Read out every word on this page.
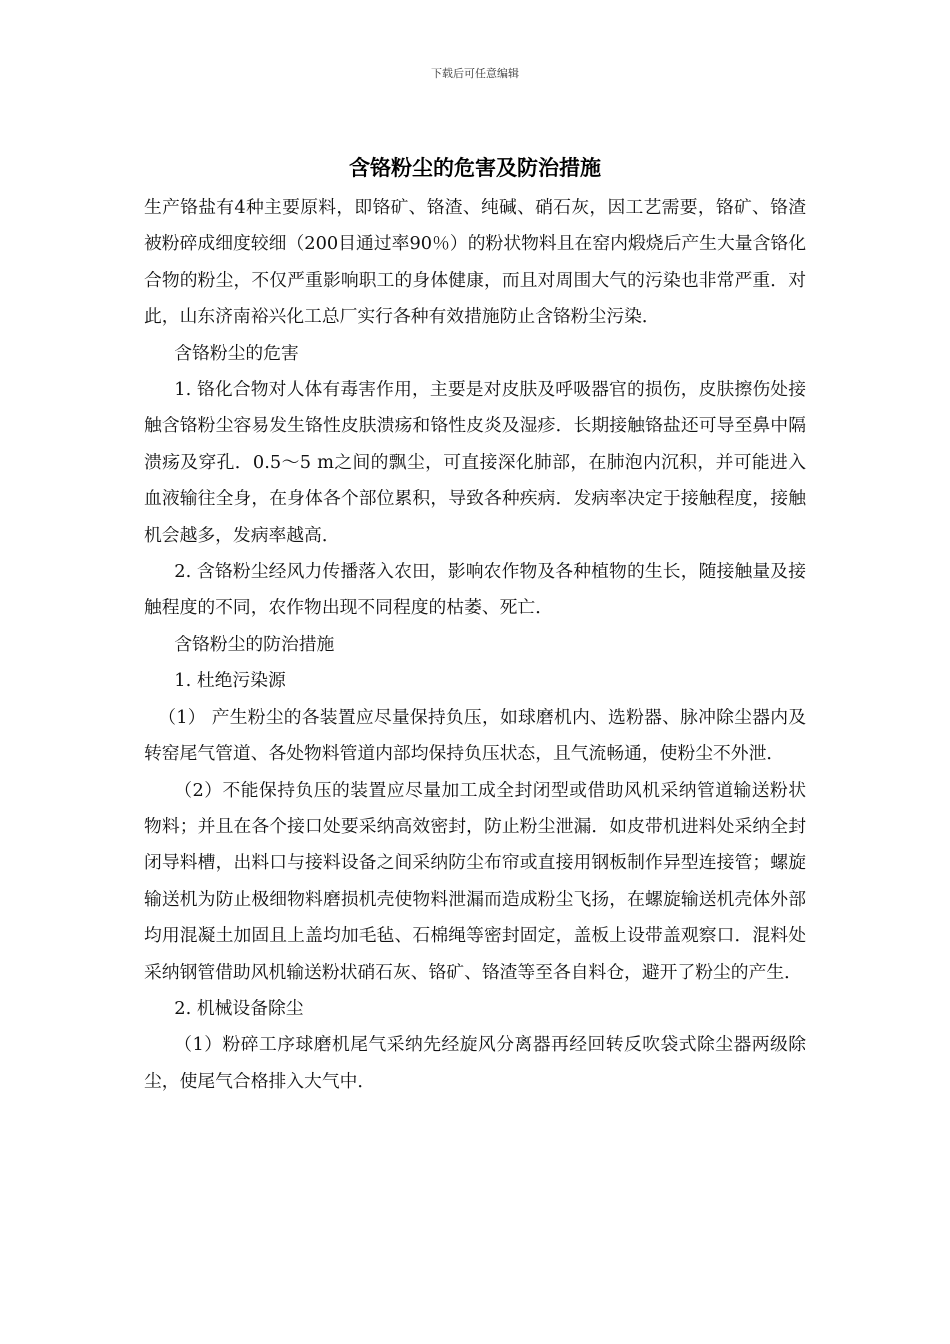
下载后可任意编辑
含铬粉尘的危害及防治措施

生产铬盐有4种主要原料，即铬矿、铬渣、纯碱、硝石灰，因工艺需要，铬矿、铬渣被粉碎成细度较细（200目通过率90％）的粉状物料且在窑内煅烧后产生大量含铬化合物的粉尘，不仅严重影响职工的身体健康，而且对周围大气的污染也非常严重．对此，山东济南裕兴化工总厂实行各种有效措施防止含铬粉尘污染．

含铬粉尘的危害

1. 铬化合物对人体有毒害作用，主要是对皮肤及呼吸器官的损伤，皮肤擦伤处接触含铬粉尘容易发生铬性皮肤溃疡和铬性皮炎及湿疹．长期接触铬盐还可导至鼻中隔溃疡及穿孔．0.5～5 m之间的飘尘，可直接深化肺部，在肺泡内沉积，并可能进入血液输往全身，在身体各个部位累积，导致各种疾病．发病率决定于接触程度，接触机会越多，发病率越高．

2. 含铬粉尘经风力传播落入农田，影响农作物及各种植物的生长，随接触量及接触程度的不同，农作物出现不同程度的枯萎、死亡．

含铬粉尘的防治措施

1. 杜绝污染源

（1） 产生粉尘的各装置应尽量保持负压，如球磨机内、选粉器、脉冲除尘器内及转窑尾气管道、各处物料管道内部均保持负压状态，且气流畅通，使粉尘不外泄．

（2）不能保持负压的装置应尽量加工成全封闭型或借助风机采纳管道输送粉状物料；并且在各个接口处要采纳高效密封，防止粉尘泄漏．如皮带机进料处采纳全封闭导料槽，出料口与接料设备之间采纳防尘布帘或直接用钢板制作异型连接管；螺旋输送机为防止极细物料磨损机壳使物料泄漏而造成粉尘飞扬，在螺旋输送机壳体外部均用混凝土加固且上盖均加毛毡、石棉绳等密封固定，盖板上设带盖观察口．混料处采纳钢管借助风机输送粉状硝石灰、铬矿、铬渣等至各自料仓，避开了粉尘的产生．

2. 机械设备除尘

（1）粉碎工序球磨机尾气采纳先经旋风分离器再经回转反吹袋式除尘器两级除尘，使尾气合格排入大气中．
